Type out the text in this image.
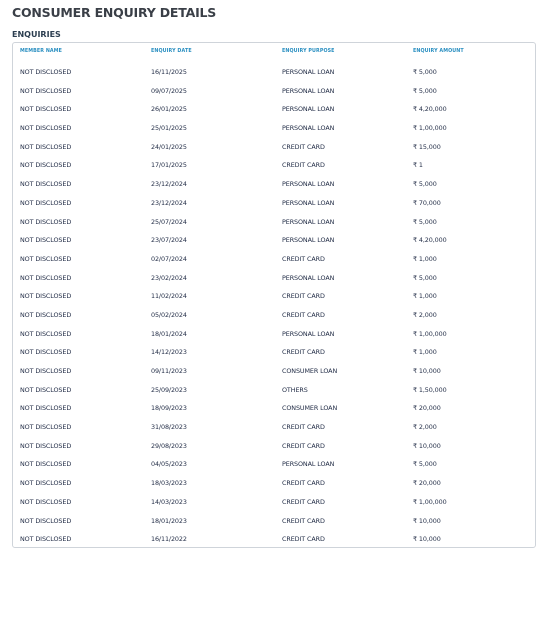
CONSUMER ENQUIRY DETAILS
ENQUIRIES
MEMBER NAME	ENQUIRY DATE	ENQUIRY PURPOSE	ENQUIRY AMOUNT
NOT DISCLOSED	16/11/2025	PERSONAL LOAN	₹ 5,000
NOT DISCLOSED	09/07/2025	PERSONAL LOAN	₹ 5,000
NOT DISCLOSED	26/01/2025	PERSONAL LOAN	₹ 4,20,000
NOT DISCLOSED	25/01/2025	PERSONAL LOAN	₹ 1,00,000
NOT DISCLOSED	24/01/2025	CREDIT CARD	₹ 15,000
NOT DISCLOSED	17/01/2025	CREDIT CARD	₹ 1
NOT DISCLOSED	23/12/2024	PERSONAL LOAN	₹ 5,000
NOT DISCLOSED	23/12/2024	PERSONAL LOAN	₹ 70,000
NOT DISCLOSED	25/07/2024	PERSONAL LOAN	₹ 5,000
NOT DISCLOSED	23/07/2024	PERSONAL LOAN	₹ 4,20,000
NOT DISCLOSED	02/07/2024	CREDIT CARD	₹ 1,000
NOT DISCLOSED	23/02/2024	PERSONAL LOAN	₹ 5,000
NOT DISCLOSED	11/02/2024	CREDIT CARD	₹ 1,000
NOT DISCLOSED	05/02/2024	CREDIT CARD	₹ 2,000
NOT DISCLOSED	18/01/2024	PERSONAL LOAN	₹ 1,00,000
NOT DISCLOSED	14/12/2023	CREDIT CARD	₹ 1,000
NOT DISCLOSED	09/11/2023	CONSUMER LOAN	₹ 10,000
NOT DISCLOSED	25/09/2023	OTHERS	₹ 1,50,000
NOT DISCLOSED	18/09/2023	CONSUMER LOAN	₹ 20,000
NOT DISCLOSED	31/08/2023	CREDIT CARD	₹ 2,000
NOT DISCLOSED	29/08/2023	CREDIT CARD	₹ 10,000
NOT DISCLOSED	04/05/2023	PERSONAL LOAN	₹ 5,000
NOT DISCLOSED	18/03/2023	CREDIT CARD	₹ 20,000
NOT DISCLOSED	14/03/2023	CREDIT CARD	₹ 1,00,000
NOT DISCLOSED	18/01/2023	CREDIT CARD	₹ 10,000
NOT DISCLOSED	16/11/2022	CREDIT CARD	₹ 10,000
